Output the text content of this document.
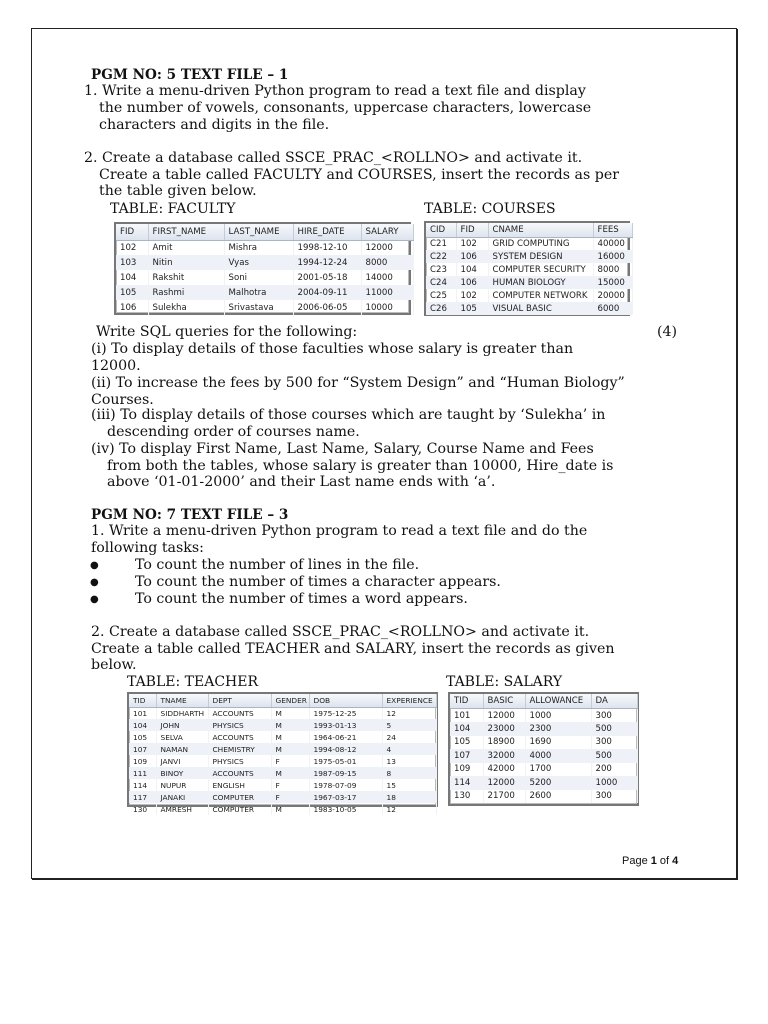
PGM NO: 5 TEXT FILE – 1
1. Write a menu-driven Python program to read a text file and display
the number of vowels, consonants, uppercase characters, lowercase
characters and digits in the file.
2. Create a database called SSCE_PRAC_<ROLLNO> and activate it.
Create a table called FACULTY and COURSES, insert the records as per
the table given below.
TABLE: FACULTY	TABLE: COURSES
FID	FIRST_NAME	LAST_NAME	HIRE_DATE	SALARY
102	Amit	Mishra	1998-12-10	12000
103	Nitin	Vyas	1994-12-24	8000
104	Rakshit	Soni	2001-05-18	14000
105	Rashmi	Malhotra	2004-09-11	11000
106	Sulekha	Srivastava	2006-06-05	10000
CID	FID	CNAME	FEES
C21	102	GRID COMPUTING	40000
C22	106	SYSTEM DESIGN	16000
C23	104	COMPUTER SECURITY	8000
C24	106	HUMAN BIOLOGY	15000
C25	102	COMPUTER NETWORK	20000
C26	105	VISUAL BASIC	6000
Write SQL queries for the following:	(4)
(i) To display details of those faculties whose salary is greater than
12000.
(ii) To increase the fees by 500 for “System Design” and “Human Biology”
Courses.
(iii) To display details of those courses which are taught by ‘Sulekha’ in
descending order of courses name.
(iv) To display First Name, Last Name, Salary, Course Name and Fees
from both the tables, whose salary is greater than 10000, Hire_date is
above ‘01-01-2000’ and their Last name ends with ‘a’.
PGM NO: 7 TEXT FILE – 3
1. Write a menu-driven Python program to read a text file and do the
following tasks:
●	To count the number of lines in the file.
●	To count the number of times a character appears.
●	To count the number of times a word appears.
2. Create a database called SSCE_PRAC_<ROLLNO> and activate it.
Create a table called TEACHER and SALARY, insert the records as given
below.
TABLE: TEACHER	TABLE: SALARY
TID	TNAME	DEPT	GENDER	DOB	EXPERIENCE
101	SIDDHARTH	ACCOUNTS	M	1975-12-25	12
104	JOHN	PHYSICS	M	1993-01-13	5
105	SELVA	ACCOUNTS	M	1964-06-21	24
107	NAMAN	CHEMISTRY	M	1994-08-12	4
109	JANVI	PHYSICS	F	1975-05-01	13
111	BINOY	ACCOUNTS	M	1987-09-15	8
114	NUPUR	ENGLISH	F	1978-07-09	15
117	JANAKI	COMPUTER	F	1967-03-17	18
130	AMRESH	COMPUTER	M	1983-10-05	12
TID	BASIC	ALLOWANCE	DA
101	12000	1000	300
104	23000	2300	500
105	18900	1690	300
107	32000	4000	500
109	42000	1700	200
114	12000	5200	1000
130	21700	2600	300
Page 1 of 4
